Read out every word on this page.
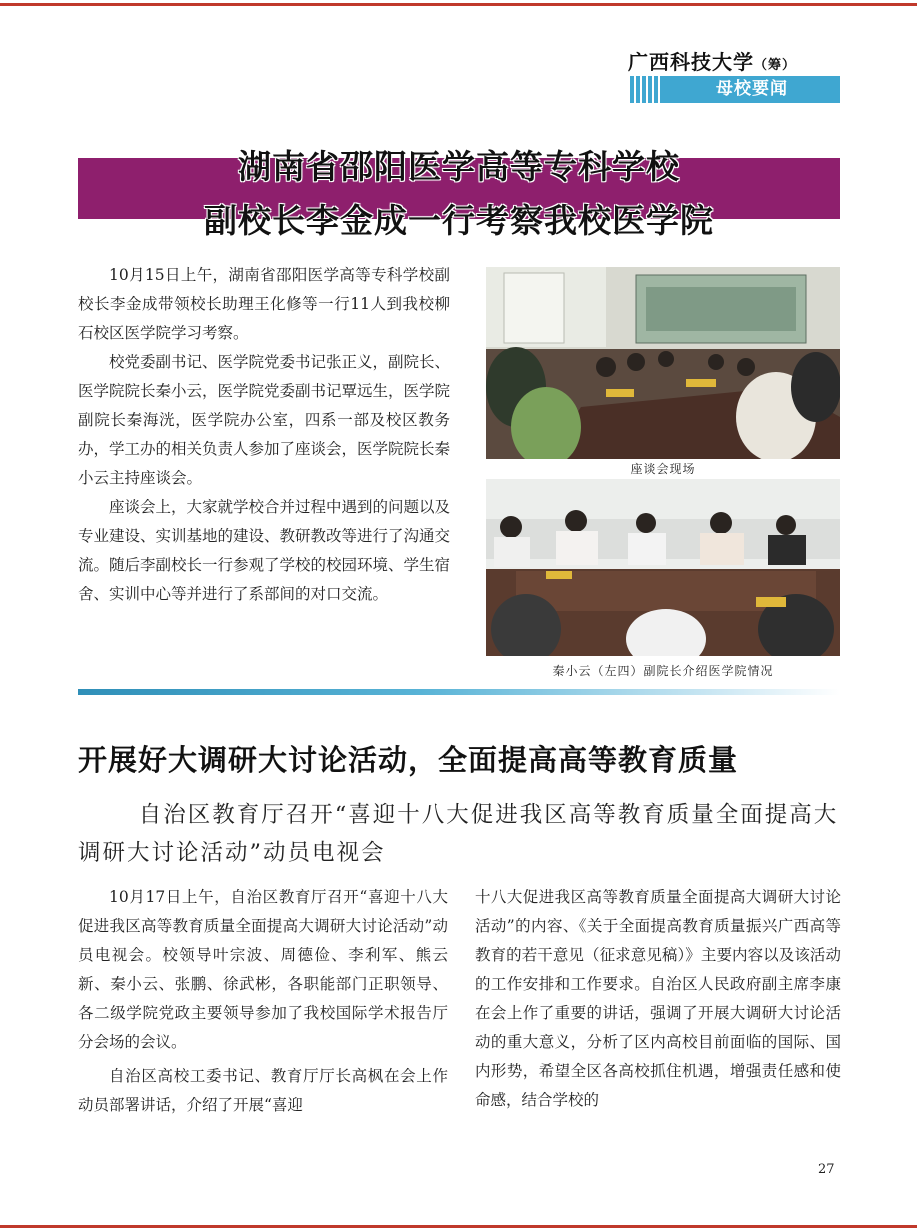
广西科技大学（筹）
母校要闻
湖南省邵阳医学高等专科学校
副校长李金成一行考察我校医学院

10月15日上午，湖南省邵阳医学高等专科学校副校长李金成带领校长助理王化修等一行11人到我校柳石校区医学院学习考察。

校党委副书记、医学院党委书记张正义，副院长、医学院院长秦小云，医学院党委副书记覃远生，医学院副院长秦海洸，医学院办公室，四系一部及校区教务办，学工办的相关负责人参加了座谈会，医学院院长秦小云主持座谈会。

座谈会上，大家就学校合并过程中遇到的问题以及专业建设、实训基地的建设、教研教改等进行了沟通交流。随后李副校长一行参观了学校的校园环境、学生宿舍、实训中心等并进行了系部间的对口交流。

座谈会现场
秦小云（左四）副院长介绍医学院情况
开展好大调研大讨论活动，全面提高高等教育质量
自治区教育厅召开“喜迎十八大促进我区高等教育质量全面提高大调研大讨论活动”动员电视会

10月17日上午，自治区教育厅召开“喜迎十八大促进我区高等教育质量全面提高大调研大讨论活动”动员电视会。校领导叶宗波、周德俭、李利军、熊云新、秦小云、张鹏、徐武彬，各职能部门正职领导、各二级学院党政主要领导参加了我校国际学术报告厅分会场的会议。

自治区高校工委书记、教育厅厅长高枫在会上作动员部署讲话，介绍了开展“喜迎

十八大促进我区高等教育质量全面提高大调研大讨论活动”的内容、《关于全面提高教育质量振兴广西高等教育的若干意见（征求意见稿）》主要内容以及该活动的工作安排和工作要求。自治区人民政府副主席李康在会上作了重要的讲话，强调了开展大调研大讨论活动的重大意义，分析了区内高校目前面临的国际、国内形势，希望全区各高校抓住机遇，增强责任感和使命感，结合学校的

27
